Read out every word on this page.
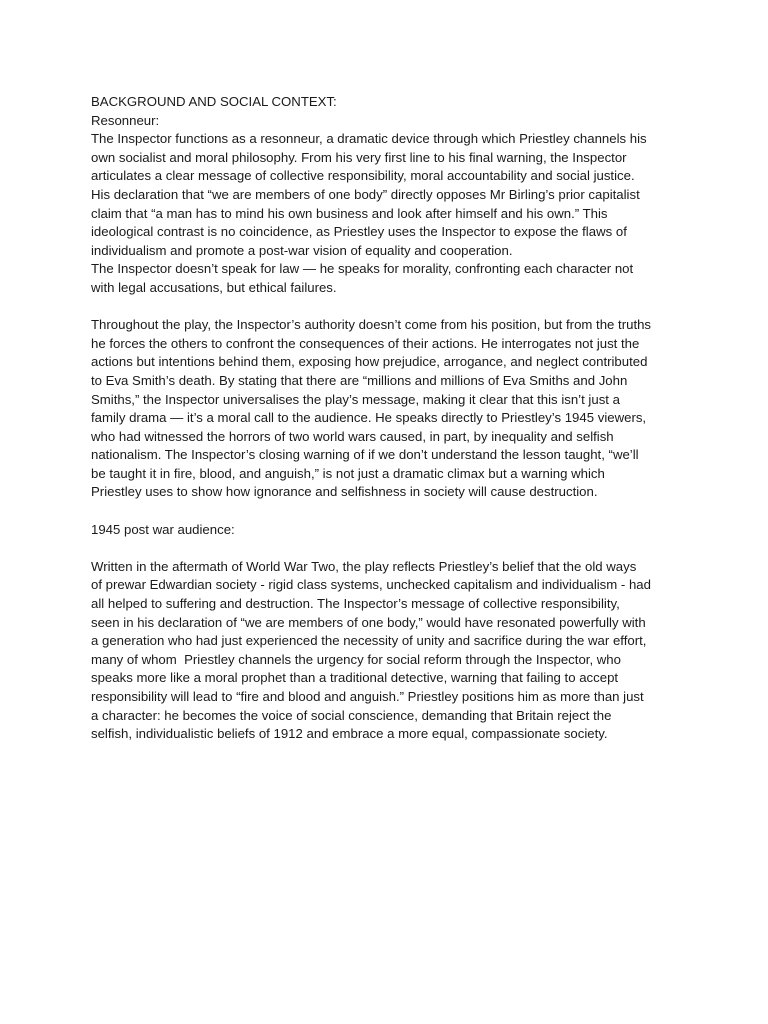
BACKGROUND AND SOCIAL CONTEXT:
Resonneur:
The Inspector functions as a resonneur, a dramatic device through which Priestley channels his
own socialist and moral philosophy. From his very first line to his final warning, the Inspector
articulates a clear message of collective responsibility, moral accountability and social justice.
His declaration that “we are members of one body” directly opposes Mr Birling’s prior capitalist
claim that “a man has to mind his own business and look after himself and his own.” This
ideological contrast is no coincidence, as Priestley uses the Inspector to expose the flaws of
individualism and promote a post-war vision of equality and cooperation.
The Inspector doesn’t speak for law — he speaks for morality, confronting each character not
with legal accusations, but ethical failures.
Throughout the play, the Inspector’s authority doesn’t come from his position, but from the truths
he forces the others to confront the consequences of their actions. He interrogates not just the
actions but intentions behind them, exposing how prejudice, arrogance, and neglect contributed
to Eva Smith’s death. By stating that there are “millions and millions of Eva Smiths and John
Smiths,” the Inspector universalises the play’s message, making it clear that this isn’t just a
family drama — it’s a moral call to the audience. He speaks directly to Priestley’s 1945 viewers,
who had witnessed the horrors of two world wars caused, in part, by inequality and selfish
nationalism. The Inspector’s closing warning of if we don’t understand the lesson taught, “we’ll
be taught it in fire, blood, and anguish,” is not just a dramatic climax but a warning which
Priestley uses to show how ignorance and selfishness in society will cause destruction.
1945 post war audience:
Written in the aftermath of World War Two, the play reflects Priestley’s belief that the old ways
of prewar Edwardian society - rigid class systems, unchecked capitalism and individualism - had
all helped to suffering and destruction. The Inspector’s message of collective responsibility,
seen in his declaration of “we are members of one body,” would have resonated powerfully with
a generation who had just experienced the necessity of unity and sacrifice during the war effort,
many of whom  Priestley channels the urgency for social reform through the Inspector, who
speaks more like a moral prophet than a traditional detective, warning that failing to accept
responsibility will lead to “fire and blood and anguish.” Priestley positions him as more than just
a character: he becomes the voice of social conscience, demanding that Britain reject the
selfish, individualistic beliefs of 1912 and embrace a more equal, compassionate society.
